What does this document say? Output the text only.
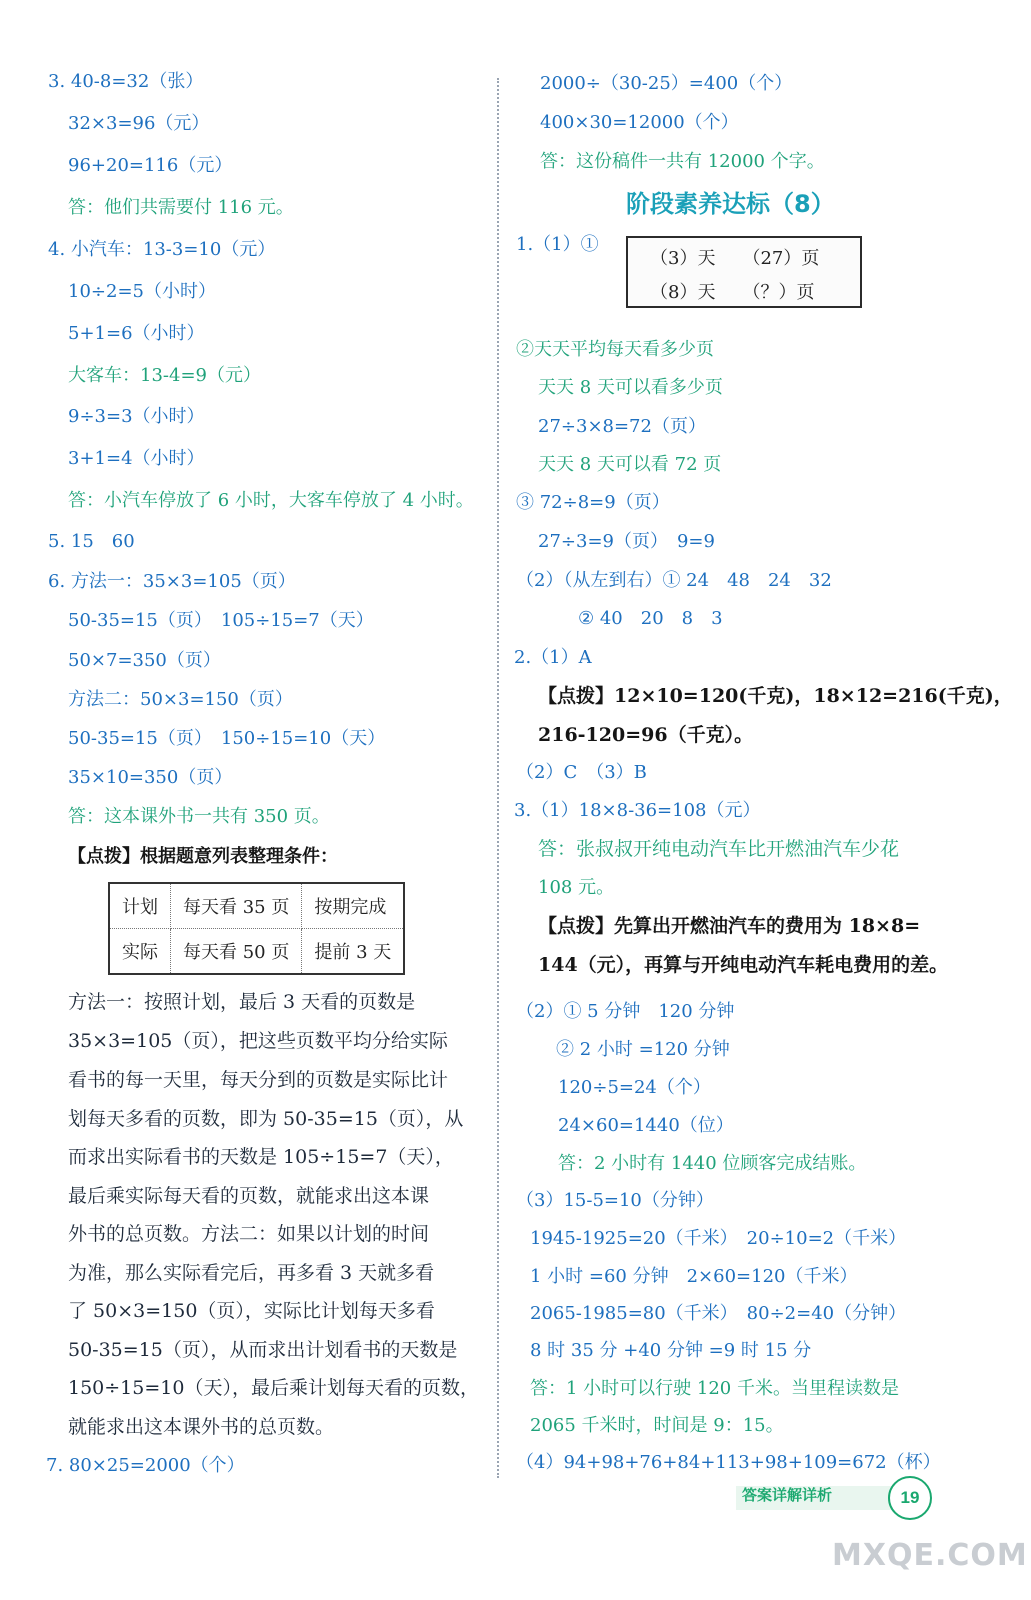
3. 40-8=32（张）
32×3=96（元）
96+20=116（元）
答：他们共需要付 116 元。
4. 小汽车：13-3=10（元）
10÷2=5（小时）
5+1=6（小时）
大客车：13-4=9（元）
9÷3=3（小时）
3+1=4（小时）
答：小汽车停放了 6 小时，大客车停放了 4 小时。
5. 15　60
6. 方法一：35×3=105（页）
50-35=15（页）　105÷15=7（天）
50×7=350（页）
方法二：50×3=150（页）
50-35=15（页）　150÷15=10（天）
35×10=350（页）
答：这本课外书一共有 350 页。
【点拨】根据题意列表整理条件：
计划	每天看 35 页	按期完成
实际	每天看 50 页	提前 3 天
方法一：按照计划，最后 3 天看的页数是
35×3=105（页），把这些页数平均分给实际
看书的每一天里，每天分到的页数是实际比计
划每天多看的页数，即为 50-35=15（页），从
而求出实际看书的天数是 105÷15=7（天），
最后乘实际每天看的页数，就能求出这本课
外书的总页数。方法二：如果以计划的时间
为准，那么实际看完后，再多看 3 天就多看
了 50×3=150（页），实际比计划每天多看
50-35=15（页），从而求出计划看书的天数是
150÷15=10（天），最后乘计划每天看的页数，
就能求出这本课外书的总页数。
7. 80×25=2000（个）
2000÷（30-25）=400（个）
400×30=12000（个）
答：这份稿件一共有 12000 个字。
阶段素养达标（8）
1.（1）①
（3）天　　（27）页
（8）天　　（？）页
②天天平均每天看多少页
天天 8 天可以看多少页
27÷3×8=72（页）
天天 8 天可以看 72 页
③ 72÷8=9（页）
27÷3=9（页）　9=9
（2）（从左到右）① 24　48　24　32
② 40　20　8　3
2.（1）A
【点拨】12×10=120(千克)，18×12=216(千克)，
216-120=96（千克）。
（2）C　（3）B
3.（1）18×8-36=108（元）
答：张叔叔开纯电动汽车比开燃油汽车少花
108 元。
【点拨】先算出开燃油汽车的费用为 18×8=
144（元），再算与开纯电动汽车耗电费用的差。
（2）① 5 分钟　120 分钟
② 2 小时 =120 分钟
120÷5=24（个）
24×60=1440（位）
答：2 小时有 1440 位顾客完成结账。
（3）15-5=10（分钟）
1945-1925=20（千米）　20÷10=2（千米）
1 小时 =60 分钟　2×60=120（千米）
2065-1985=80（千米）　80÷2=40（分钟）
8 时 35 分 +40 分钟 =9 时 15 分
答：1 小时可以行驶 120 千米。当里程读数是
2065 千米时，时间是 9：15。
（4）94+98+76+84+113+98+109=672（杯）
答案详解详析	19
MXQE.COM
